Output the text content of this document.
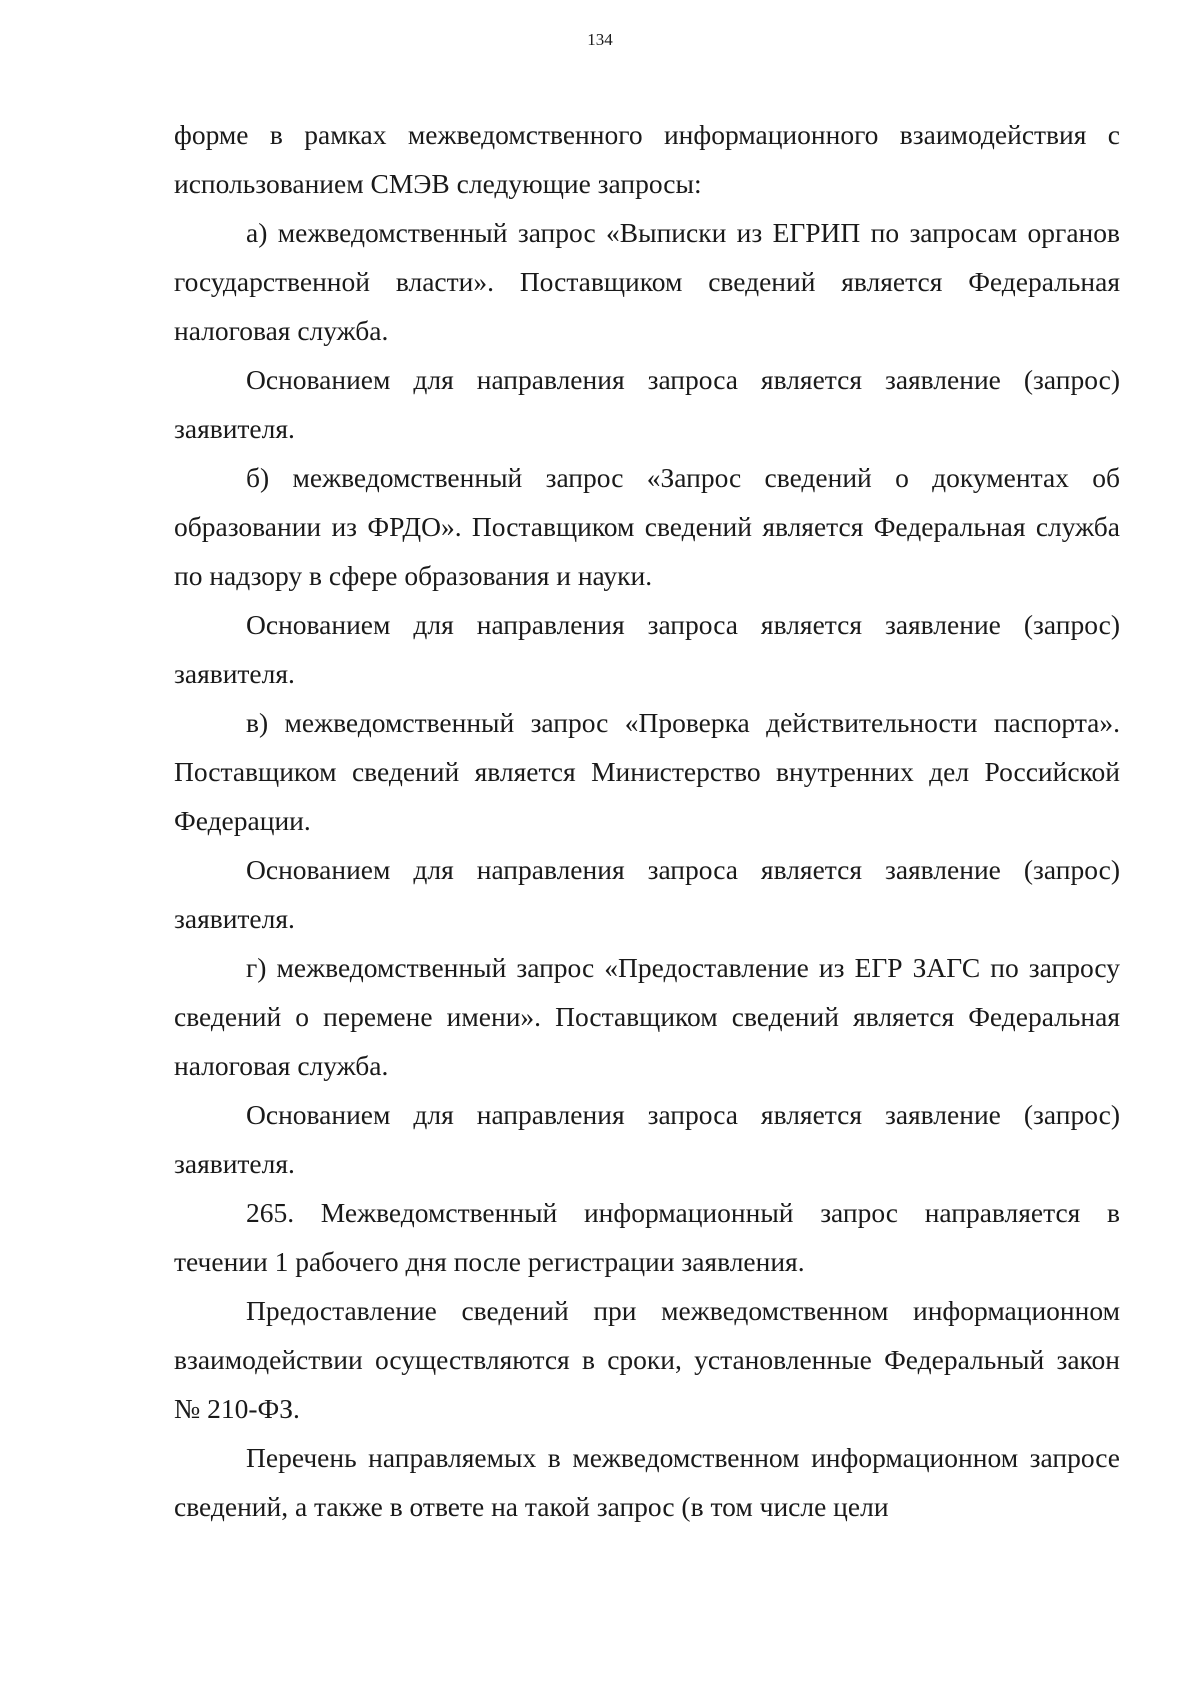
134

форме в рамках межведомственного информационного взаимодействия с использованием СМЭВ следующие запросы:

а) межведомственный запрос «Выписки из ЕГРИП по запросам органов государственной власти». Поставщиком сведений является Федеральная налоговая служба.

Основанием для направления запроса является заявление (запрос) заявителя.

б) межведомственный запрос «Запрос сведений о документах об образовании из ФРДО». Поставщиком сведений является Федеральная служба по надзору в сфере образования и науки.

Основанием для направления запроса является заявление (запрос) заявителя.

в) межведомственный запрос «Проверка действительности паспорта». Поставщиком сведений является Министерство внутренних дел Российской Федерации.

Основанием для направления запроса является заявление (запрос) заявителя.

г) межведомственный запрос «Предоставление из ЕГР ЗАГС по запросу сведений о перемене имени». Поставщиком сведений является Федеральная налоговая служба.

Основанием для направления запроса является заявление (запрос) заявителя.

265. Межведомственный информационный запрос направляется в течении 1 рабочего дня после регистрации заявления.

Предоставление сведений при межведомственном информационном взаимодействии осуществляются в сроки, установленные Федеральный закон № 210-ФЗ.

Перечень направляемых в межведомственном информационном запросе сведений, а также в ответе на такой запрос (в том числе цели
